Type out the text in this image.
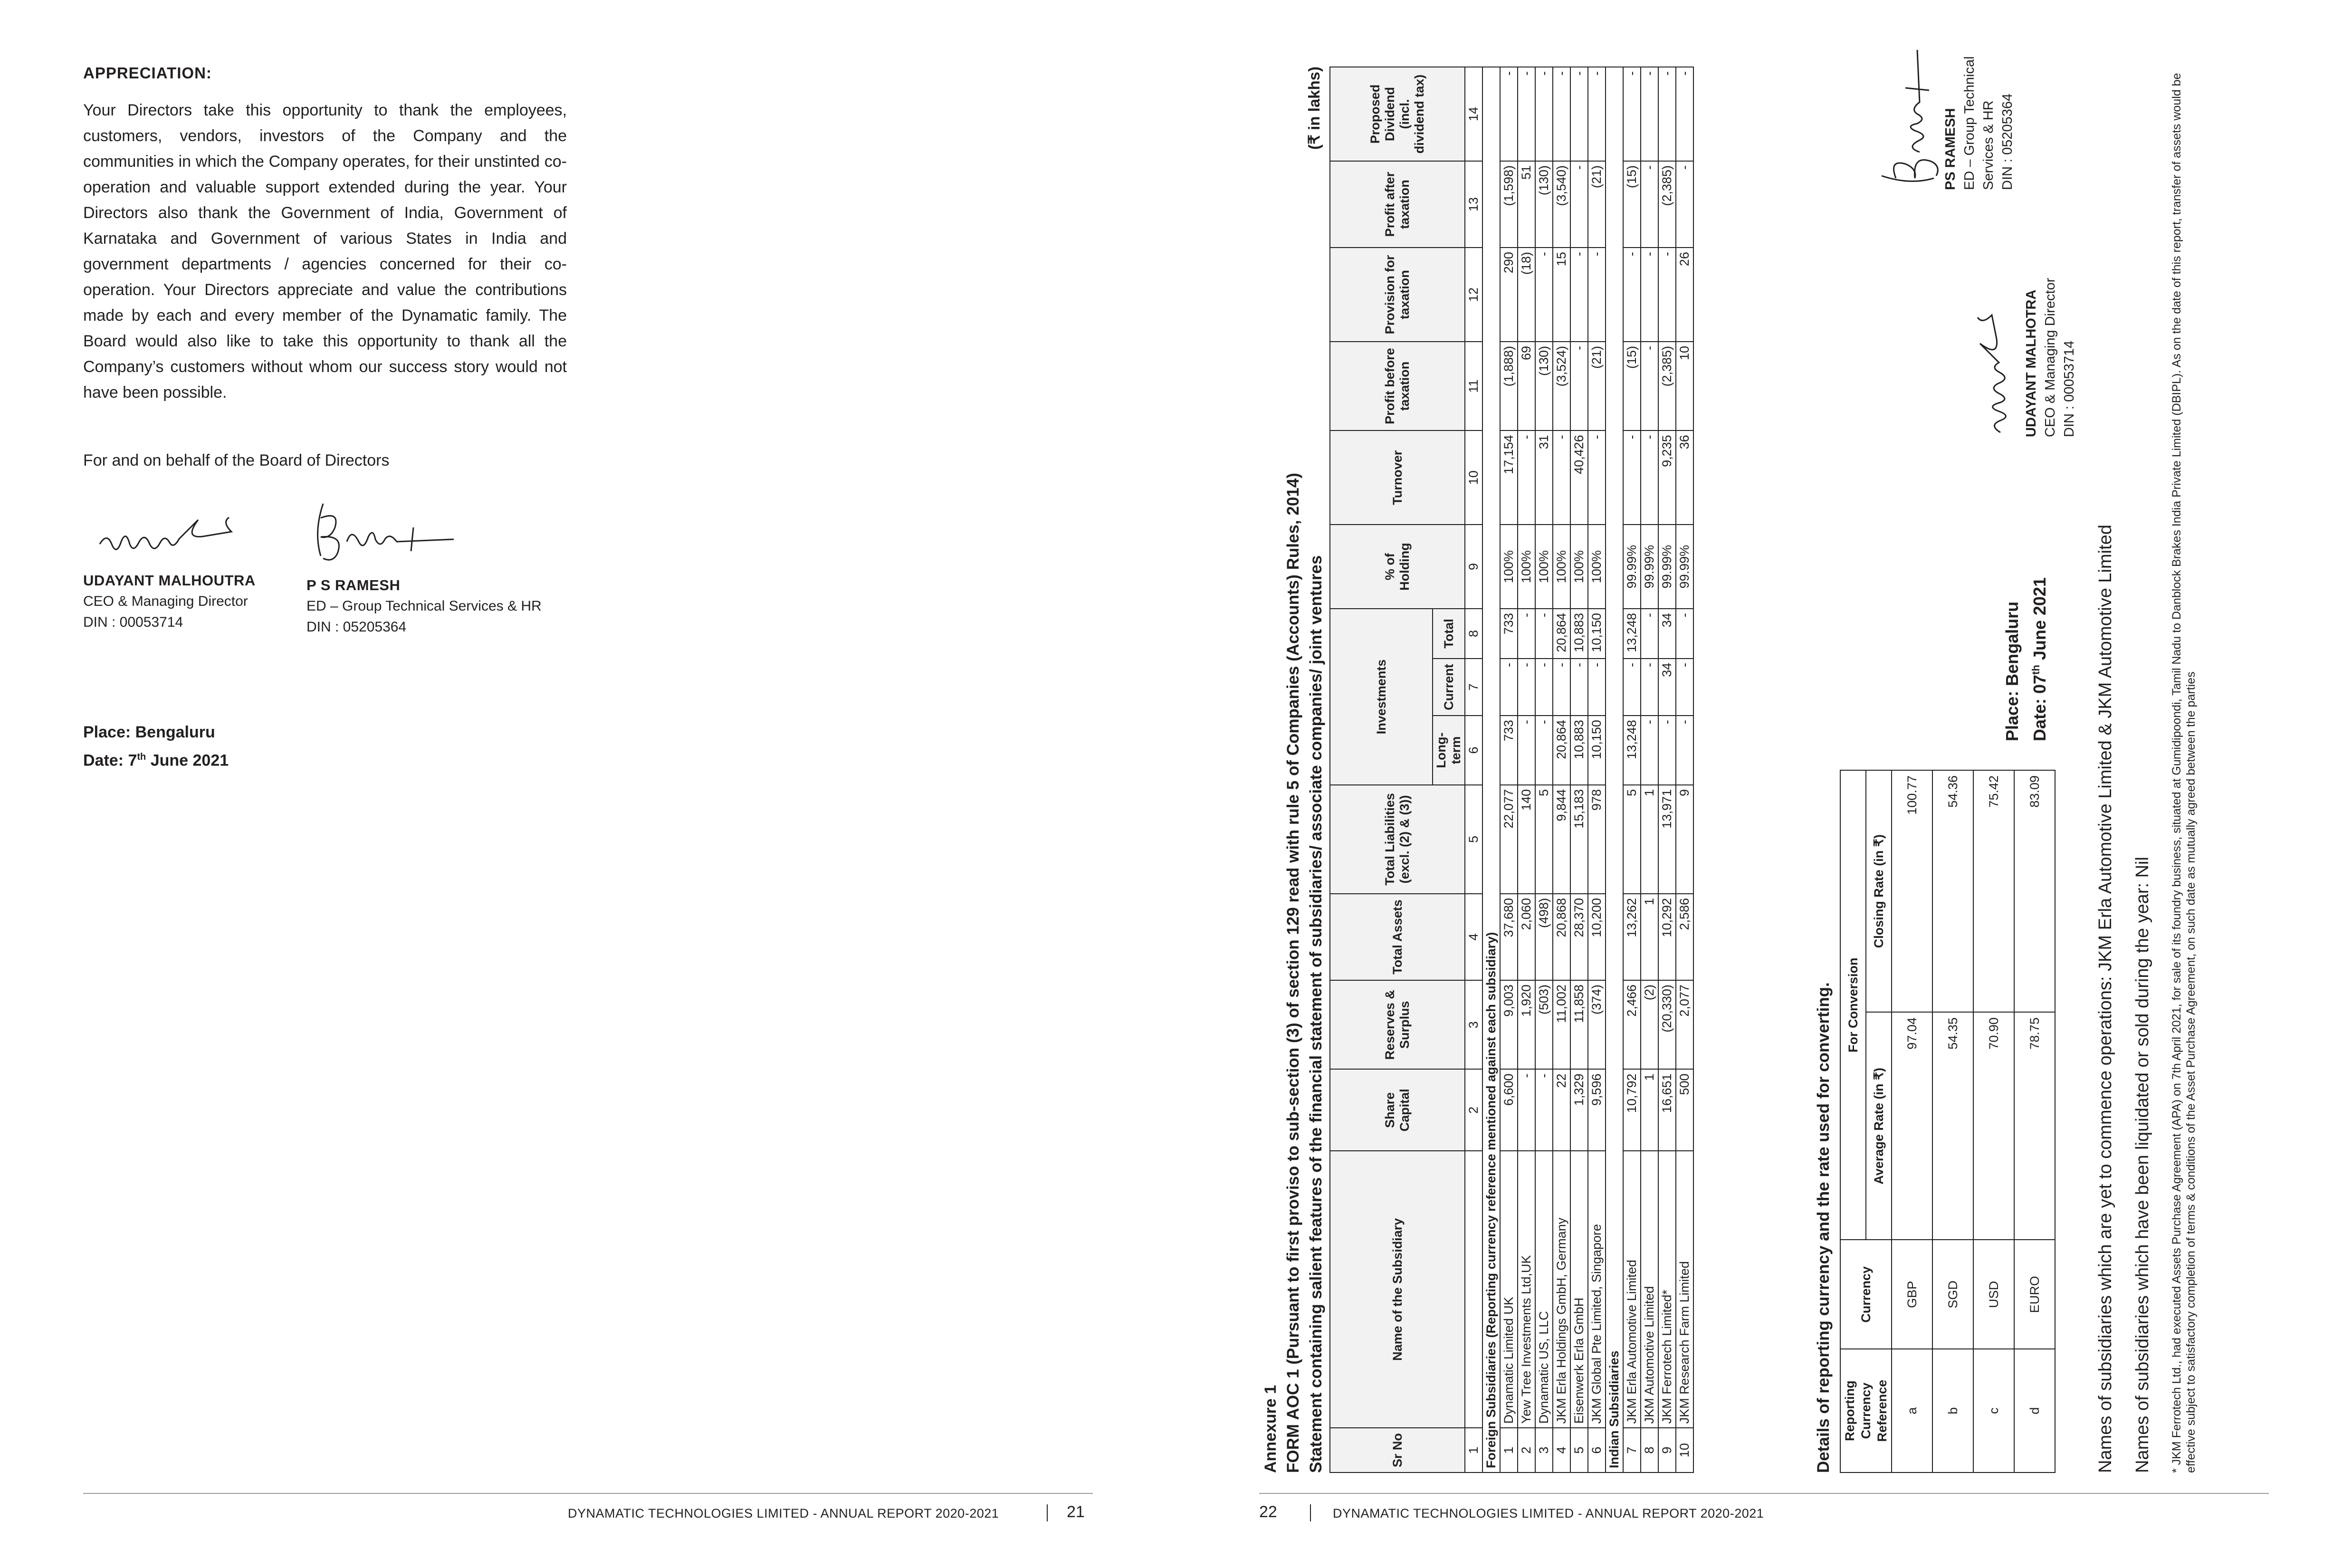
APPRECIATION:
Your Directors take this opportunity to thank the employees, customers, vendors, investors of the Company and the communities in which the Company operates, for their unstinted co-operation and valuable support extended during the year. Your Directors also thank the Government of India, Government of Karnataka and Government of various States in India and government departments / agencies concerned for their co-operation. Your Directors appreciate and value the contributions made by each and every member of the Dynamatic family. The Board would also like to take this opportunity to thank all the Company’s customers without whom our success story would not have been possible.
For and on behalf of the Board of Directors
UDAYANT MALHOUTRA
CEO & Managing Director
DIN : 00053714
P S RAMESH
ED – Group Technical Services & HR
DIN : 05205364
Place: Bengaluru
Date: 7th June 2021
DYNAMATIC TECHNOLOGIES LIMITED - ANNUAL REPORT 2020-2021	21	22	DYNAMATIC TECHNOLOGIES LIMITED - ANNUAL REPORT 2020-2021
Annexure 1 FORM AOC 1 (Pursuant to first proviso to sub-section (3) of section 129 read with rule 5 of Companies (Accounts) Rules, 2014) Statement containing salient features of the financial statement of subsidiaries/ associate companies/ joint ventures
(₹ in lakhs)
Sr No	Name of the Subsidiary	Share Capital	Reserves & Surplus	Total Assets	Total Liabilities (excl. (2) & (3))	Investments			% of Holding	Turnover	Profit before taxation	Provision for taxation	Profit after taxation	Proposed Dividend (incl. dividend tax)
						Long-term	Current	Total						
1		2	3	4	5	6	7	8	9	10	11	12	13	14
Foreign Subsidiaries (Reporting currency reference mentioned against each subsidiary)														
1	Dynamatic Limited UK	6,600	9,003	37,680	22,077	733	-	733	100%	17,154	(1,888)	290	(1,598)	-
2	Yew Tree Investments Ltd,UK	-	1,920	2,060	140	-	-	-	100%	-	69	(18)	51	-
3	Dynamatic US, LLC	-	(503)	(498)	5	-	-	-	100%	31	(130)	-	(130)	-
4	JKM Erla Holdings GmbH, Germany	22	11,002	20,868	9,844	20,864	-	20,864	100%	-	(3,524)	15	(3,540)	-
5	Eisenwerk Erla GmbH	1,329	11,858	28,370	15,183	10,883	-	10,883	100%	40,426	-	-	-	-
6	JKM Global Pte Limited, Singapore	9,596	(374)	10,200	978	10,150	-	10,150	100%	-	(21)	-	(21)	-
Indian Subsidiaries														
7	JKM Erla Automotive Limited	10,792	2,466	13,262	5	13,248	-	13,248	99.99%	-	(15)	-	(15)	-
8	JKM Automotive Limited	1	(2)	1	1	-	-	-	99.99%	-	-	-	-	-
9	JKM Ferrotech Limited*	16,651	(20,330)	10,292	13,971	-	34	34	99.99%	9,235	(2,385)	-	(2,385)	-
10	JKM Research Farm Limited	500	2,077	2,586	9	-	-	-	99.99%	36	10	26	-	-
Details of reporting currency and the rate used for converting. Reporting Currency Reference	Currency	For Conversion	
		Average Rate (in ₹)	Closing Rate (in ₹)
a	GBP	97.04	100.77
b	SGD	54.35	54.36
c	USD	70.90	75.42
d	EURO	78.75	83.09
Place: Bengaluru Date: 07th June 2021
UDAYANT MALHOTRA CEO & Managing Director DIN : 00053714
PS RAMESH ED – Group Technical Services & HR DIN : 05205364
Names of subsidiaries which are yet to commence operations: JKM Erla Automotive Limited & JKM Automotive Limited Names of subsidiaries which have been liquidated or sold during the year: Nil * JKM Ferrotech Ltd., had executed Assets Purchase Agreement (APA) on 7th April 2021, for sale of its foundry business, situated at Gumidipoondi, Tamil Nadu to Danblock Brakes India Private Limited (DBIPL). As on the date of this report, transfer of assets would be effective subject to satisfactory completion of terms & conditions of the Asset Purchase Agreement, on such date as mutually agreed between the parties
